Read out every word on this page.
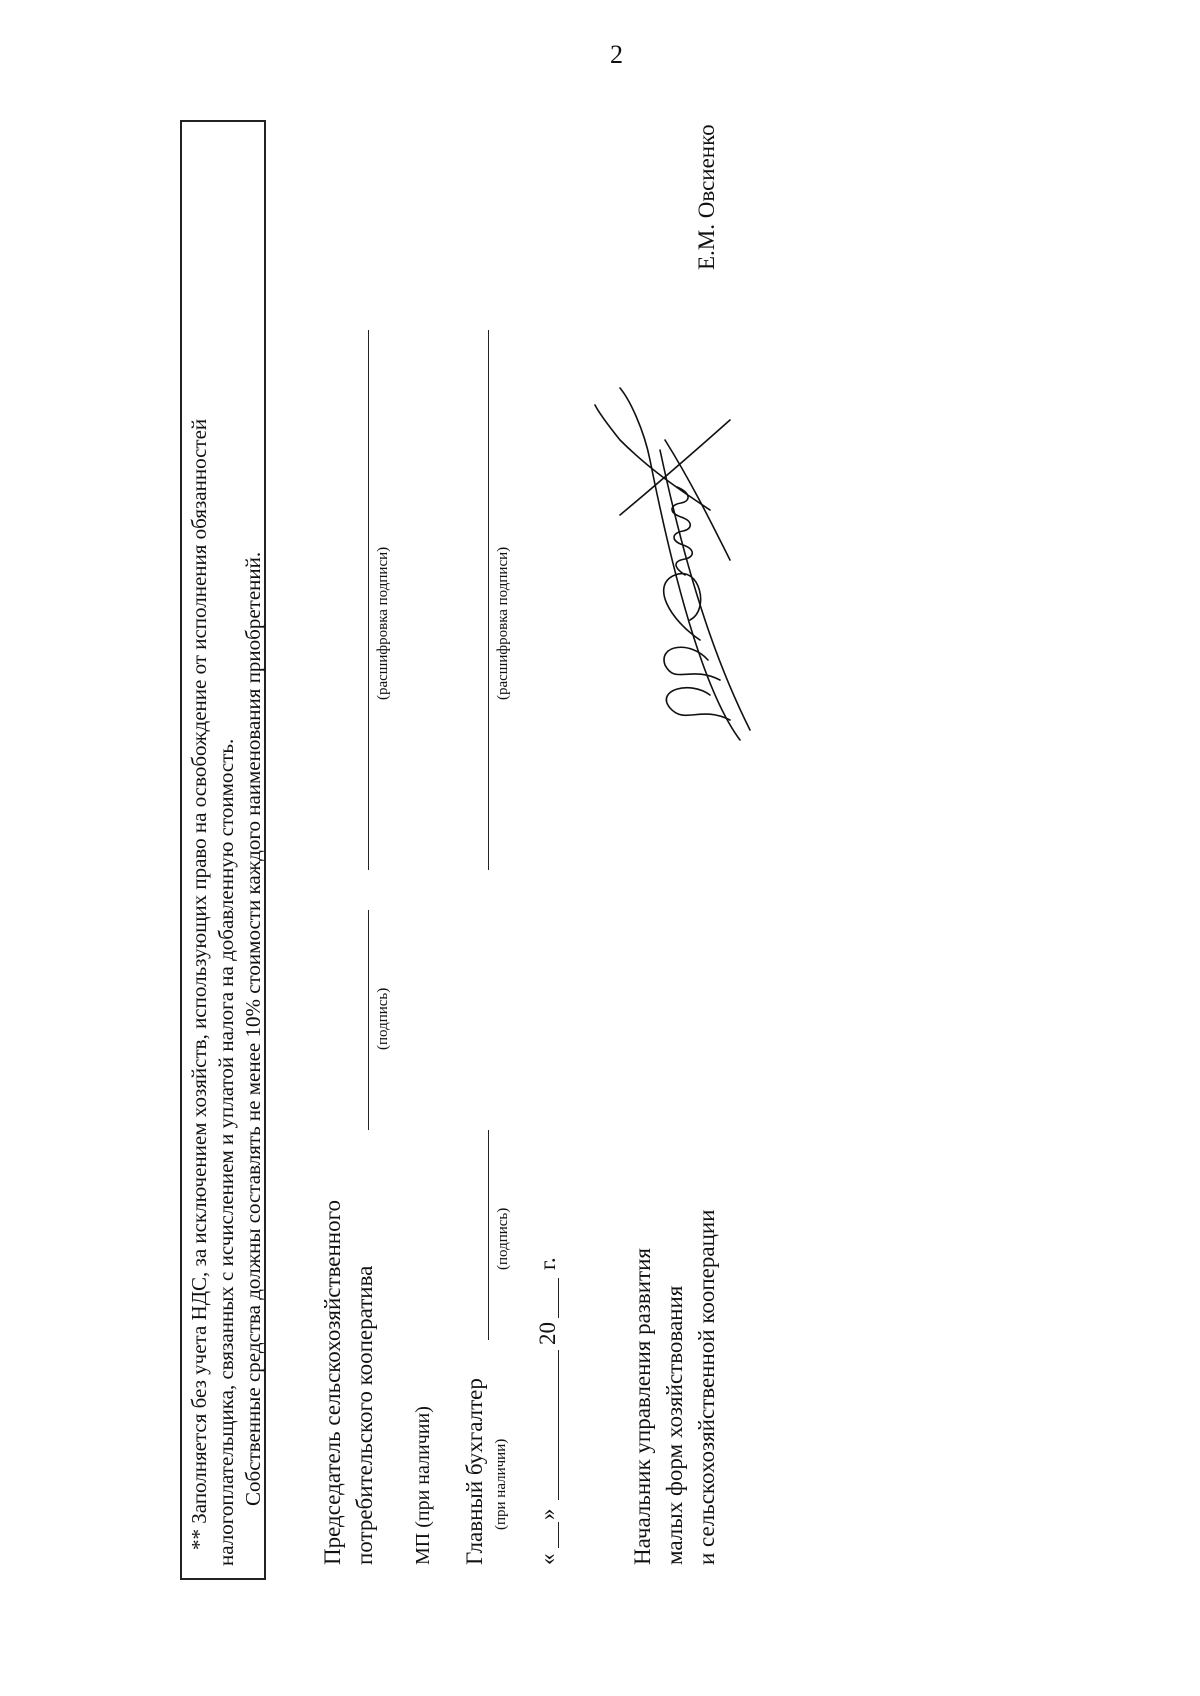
2
** Заполняется без учета НДС, за исключением хозяйств, использующих право на освобождение от исполнения обязанностей налогоплательщика, связанных с исчислением и уплатой налога на добавленную стоимость. Собственные средства должны составлять не менее 10% стоимости каждого наименования приобретений. Председатель сельскохозяйственного потребительского кооператива
(подпись)
(расшифровка подписи)
МП (при наличии) Главный бухгалтер (при наличии)
(подпись)
(расшифровка подписи)
«
»
20
г.	Начальник управления развития малых форм хозяйствования и сельскохозяйственной кооперации
Е.М. Овсиенко
